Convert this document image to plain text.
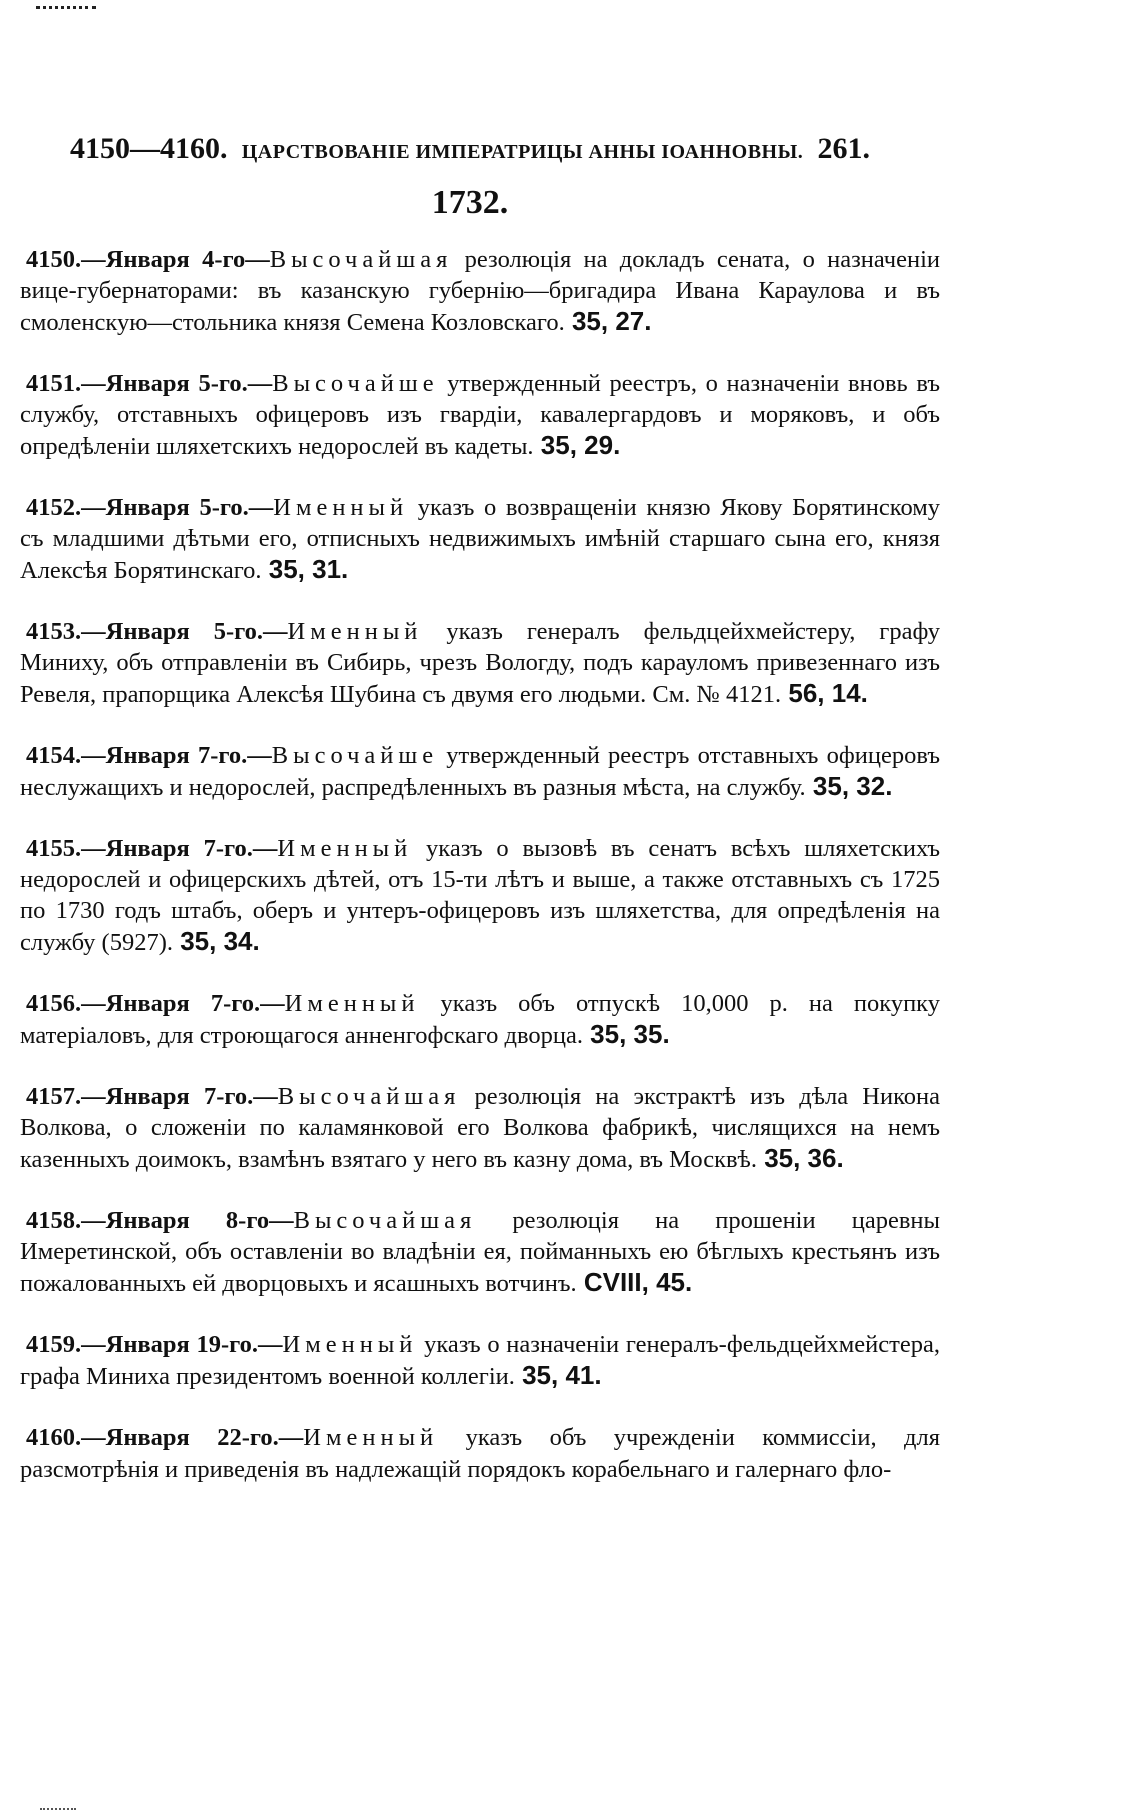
4150—4160. ЦАРСТВОВАНІЕ ИМПЕРАТРИЦЫ АННЫ ІОАННОВНЫ. 261.
1732.

4150.—Января 4-го—Высочайшая резолюція на докладъ сената, о назначеніи вице-губернаторами: въ казанскую губернію—бригадира Ивана Караулова и въ смоленскую—стольника князя Семена Козловскаго. 35, 27.

4151.—Января 5-го.—Высочайше утвержденный реестръ, о назначеніи вновь въ службу, отставныхъ офицеровъ изъ гвардіи, кавалергардовъ и моряковъ, и объ опредѣленіи шляхетскихъ недорослей въ кадеты. 35, 29.

4152.—Января 5-го.—Именный указъ о возвращеніи князю Якову Борятинскому съ младшими дѣтьми его, отписныхъ недвижимыхъ имѣній старшаго сына его, князя Алексѣя Борятинскаго. 35, 31.

4153.—Января 5-го.—Именный указъ генералъ фельдцейхмейстеру, графу Миниху, объ отправленіи въ Сибирь, чрезъ Вологду, подъ карауломъ привезеннаго изъ Ревеля, прапорщика Алексѣя Шубина съ двумя его людьми. См. № 4121. 56, 14.

4154.—Января 7-го.—Высочайше утвержденный реестръ отставныхъ офицеровъ неслужащихъ и недорослей, распредѣленныхъ въ разныя мѣста, на службу. 35, 32.

4155.—Января 7-го.—Именный указъ о вызовѣ въ сенатъ всѣхъ шляхетскихъ недорослей и офицерскихъ дѣтей, отъ 15-ти лѣтъ и выше, а также отставныхъ съ 1725 по 1730 годъ штабъ, оберъ и унтеръ-офицеровъ изъ шляхетства, для опредѣленія на службу (5927). 35, 34.

4156.—Января 7-го.—Именный указъ объ отпускѣ 10,000 р. на покупку матеріаловъ, для строющагося анненгофскаго дворца. 35, 35.

4157.—Января 7-го.—Высочайшая резолюція на экстрактѣ изъ дѣла Никона Волкова, о сложеніи по каламянковой его Волкова фабрикѣ, числящихся на немъ казенныхъ доимокъ, взамѣнъ взятаго у него въ казну дома, въ Москвѣ. 35, 36.

4158.—Января 8-го—Высочайшая резолюція на прошеніи царевны Имеретинской, объ оставленіи во владѣніи ея, пойманныхъ ею бѣглыхъ крестьянъ изъ пожалованныхъ ей дворцовыхъ и ясашныхъ вотчинъ. CVIII, 45.

4159.—Января 19-го.—Именный указъ о назначеніи генералъ-фельдцейхмейстера, графа Миниха президентомъ военной коллегіи. 35, 41.

4160.—Января 22-го.—Именный указъ объ учрежденіи коммиссіи, для разсмотрѣнія и приведенія въ надлежащій порядокъ корабельнаго и галернаго фло-
